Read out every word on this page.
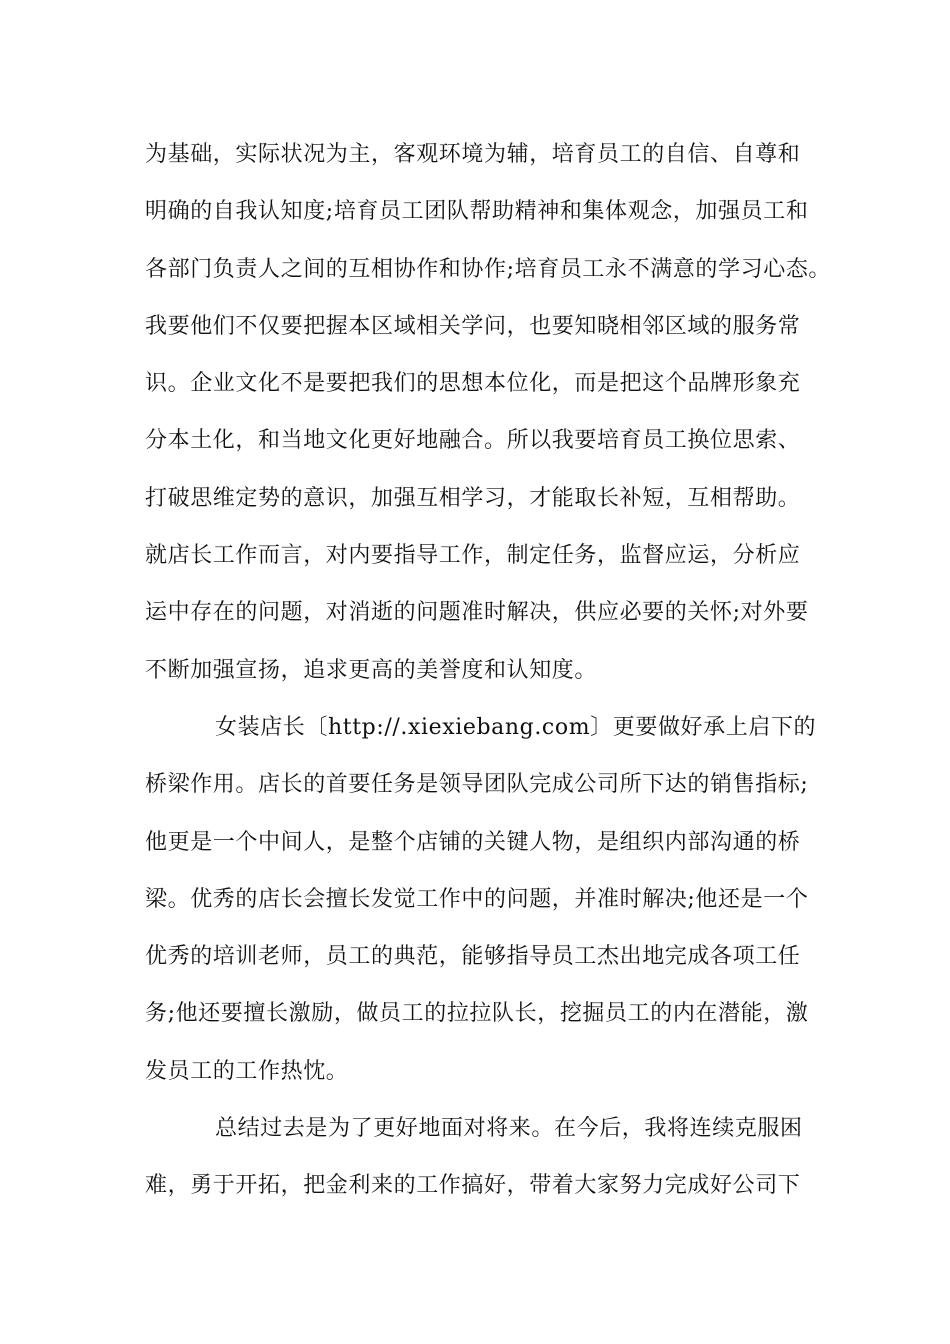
为基础，实际状况为主，客观环境为辅，培育员工的自信、自尊和
明确的自我认知度;培育员工团队帮助精神和集体观念，加强员工和
各部门负责人之间的互相协作和协作;培育员工永不满意的学习心态。
我要他们不仅要把握本区域相关学问，也要知晓相邻区域的服务常
识。企业文化不是要把我们的思想本位化，而是把这个品牌形象充
分本土化，和当地文化更好地融合。所以我要培育员工换位思索、
打破思维定势的意识，加强互相学习，才能取长补短，互相帮助。
就店长工作而言，对内要指导工作，制定任务，监督应运，分析应
运中存在的问题，对消逝的问题准时解决，供应必要的关怀;对外要
不断加强宣扬，追求更高的美誉度和认知度。
女装店长〔http://.xiexiebang.com〕更要做好承上启下的
桥梁作用。店长的首要任务是领导团队完成公司所下达的销售指标;
他更是一个中间人，是整个店铺的关键人物，是组织内部沟通的桥
梁。优秀的店长会擅长发觉工作中的问题，并准时解决;他还是一个
优秀的培训老师，员工的典范，能够指导员工杰出地完成各项工任
务;他还要擅长激励，做员工的拉拉队长，挖掘员工的内在潜能，激
发员工的工作热忱。
总结过去是为了更好地面对将来。在今后，我将连续克服困
难，勇于开拓，把金利来的工作搞好，带着大家努力完成好公司下
